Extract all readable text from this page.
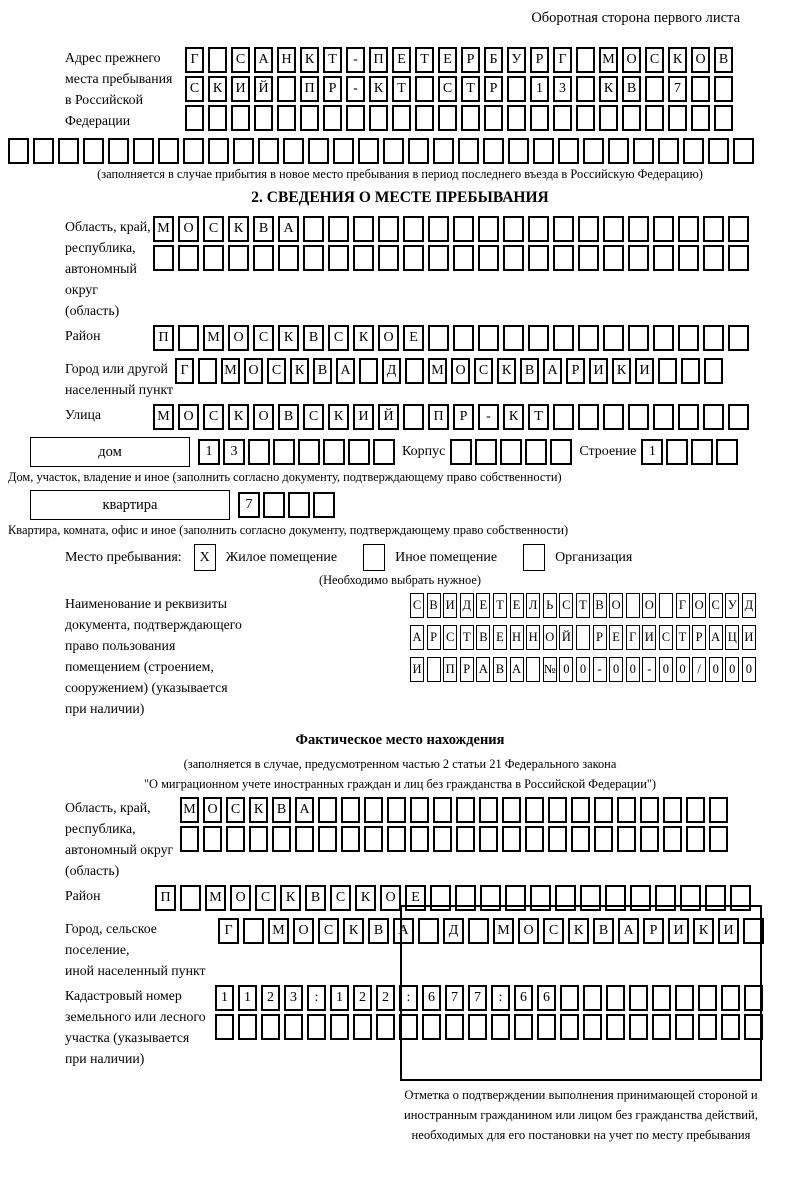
Оборотная сторона первого листа
Адрес прежнего
места пребывания
в Российской
Федерации
Г	С А Н К	Т	-	П Е	Т	Е	Р	Б	У	Р	Г	М О С К О В
С К И Й	П	Р	-	К	Т	С	Т	Р	1	3	К В	7
(заполняется в случае прибытия в новое место пребывания в период последнего въезда в Российскую Федерацию)
2. СВЕДЕНИЯ О МЕСТЕ ПРЕБЫВАНИЯ
Область, край,
республика,
автономный
округ (область)
М О	С	К	В	А
Район	П	М О	С	К	В	С	К	О	Е
Город или другой
населенный пункт
Г	М О С К В А	Д	М О С К В А	Р	И К И
Улица	М О	С	К	О	В	С	К	И	Й	П	Р	-	К	Т
дом	1	3	Корпус	Строение 1
Дом, участок, владение и иное (заполнить согласно документу, подтверждающему право собственности)
квартира	7
Квартира, комната, офис и иное (заполнить согласно документу, подтверждающему право собственности)
Место пребывания:	X	Жилое помещение	Иное помещение	Организация
(Необходимо выбрать нужное)
Наименование и реквизиты
документа, подтверждающего
право пользования
помещением (строением,
сооружением) (указывается
при наличии)
С В И Д Е Т Е Л Ь С Т В О О Г О С У Д
А Р С Т В Е Н Н О Й Р Е Г И С Т Р А Ц И
И П Р А В А № 0 0 - 0 0 - 0 0 / 0 0 0
Фактическое место нахождения
(заполняется в случае, предусмотренном частью 2 статьи 21 Федерального закона
"О миграционном учете иностранных граждан и лиц без гражданства в Российской Федерации")
Область, край,
республика,
автономный округ
(область)
М О С К В А
Район	П	М О	С	К	В	С	К	О	Е
Город, сельское поселение,
иной населенный пункт
Г	М О	С	К	В	А	Д	М О	С	К	В	А	Р	И	К	И
Кадастровый номер
земельного или лесного
участка (указывается
при наличии)
1	1	2	3	:	1	2	2	:	6	7	7	:	6	6
Отметка о подтверждении выполнения принимающей стороной и иностранным гражданином или лицом без гражданства действий, необходимых для его постановки на учет по месту пребывания
